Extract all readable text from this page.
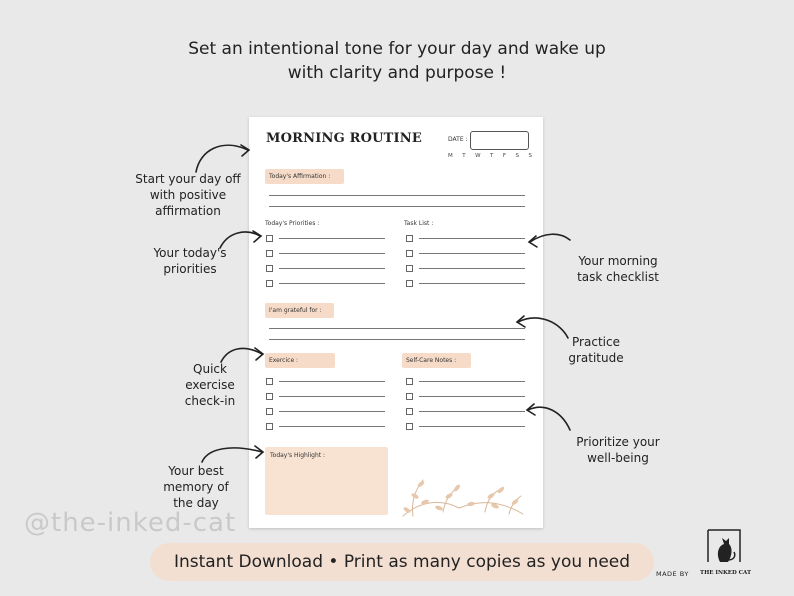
Set an intentional tone for your day and wake up
with clarity and purpose !
MORNING ROUTINE	DATE :
M T W T F S S
Today's Affirmation :
Today's Priorities :	Task List :
I'am grateful for :
Exercice :	Self-Care Notes :
Today's Highlight :
Start your day off
with positive
affirmation
Your today's
priorities
Your morning
task checklist
Practice
gratitude
Quick
exercise
check-in
Prioritize your
well-being
Your best
memory of
the day
@the-inked-cat
Instant Download • Print as many copies as you need
MADE BY THE INKED CAT
